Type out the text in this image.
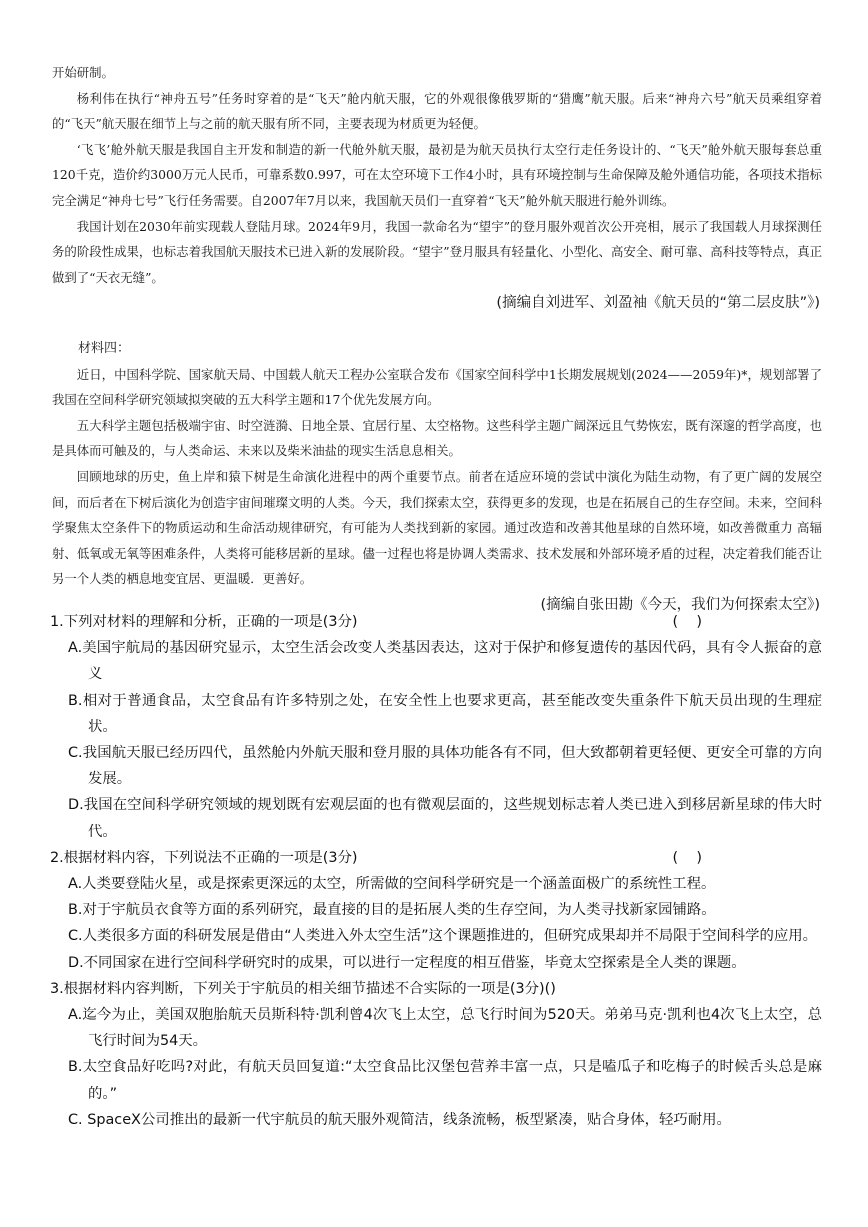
开始研制。

杨利伟在执行“神舟五号”任务时穿着的是“飞天”舱内航天服，它的外观很像俄罗斯的“猎鹰”航天服。后来“神舟六号”航天员乘组穿着的“飞天”航天服在细节上与之前的航天服有所不同，主要表现为材质更为轻便。

‘飞飞’舱外航天服是我国自主开发和制造的新一代舱外航天服，最初是为航天员执行太空行走任务设计的、“飞天”舱外航天服每套总重120千克，造价约3000万元人民币，可靠系数0.997，可在太空环境下工作4小时，具有环境控制与生命保障及舱外通信功能，各项技术指标完全满足“神舟七号”飞行任务需要。自2007年7月以来，我国航天员们一直穿着“飞天”舱外航天服进行舱外训练。

我国计划在2030年前实现载人登陆月球。2024年9月，我国一款命名为“望宇”的登月服外观首次公开亮相，展示了我国载人月球探测任务的阶段性成果，也标志着我国航天服技术已进入新的发展阶段。“望宇”登月服具有轻量化、小型化、高安全、耐可靠、高科技等特点，真正做到了“天衣无缝”。

(摘编自刘进军、刘盈袖《航天员的“第二层皮肤”》)

材料四：

近日，中国科学院、国家航天局、中国载人航天工程办公室联合发布《国家空间科学中1长期发展规划(2024——2059年)*，规划部署了我国在空间科学研究领域拟突破的五大科学主题和17个优先发展方向。

五大科学主题包括极端宇宙、时空涟漪、日地全景、宜居行星、太空格物。这些科学主题广阔深远且气势恢宏，既有深邃的哲学高度，也是具体而可触及的，与人类命运、未来以及柴米油盐的现实生活息息相关。

回顾地球的历史，鱼上岸和猿下树是生命演化进程中的两个重要节点。前者在适应环境的尝试中演化为陆生动物，有了更广阔的发展空间，而后者在下树后演化为创造宇宙间璀璨文明的人类。今天，我们探索太空，获得更多的发现，也是在拓展自己的生存空间。未来，空间科学聚焦太空条件下的物质运动和生命活动规律研究，有可能为人类找到新的家园。通过改造和改善其他星球的自然环境，如改善微重力 高辐射、低氧或无氧等困难条件，人类将可能移居新的星球。儘一过程也将是协调人类需求、技术发展和外部环境矛盾的过程，决定着我们能否让另一个人类的栖息地变宜居、更温暖．更善好。

(摘编自张田勘《今天，我们为何探索太空》)

1.下列对材料的理解和分析，正确的一项是(3分)	(    )

A.美国宇航局的基因研究显示，太空生活会改变人类基因表达，这对于保护和修复遗传的基因代码，具有令人振奋的意义

B.相对于普通食品，太空食品有许多特别之处，在安全性上也要求更高，甚至能改变失重条件下航天员出现的生理症状。

C.我国航天服已经历四代，虽然舱内外航天服和登月服的具体功能各有不同，但大致都朝着更轻便、更安全可靠的方向发展。

D.我国在空间科学研究领域的规划既有宏观层面的也有微观层面的，这些规划标志着人类已进入到移居新星球的伟大时代。

2.根据材料内容，下列说法不正确的一项是(3分)	(    )

A.人类要登陆火星，或是探索更深远的太空，所需做的空间科学研究是一个涵盖面极广的系统性工程。

B.对于宇航员衣食等方面的系列研究，最直接的目的是拓展人类的生存空间，为人类寻找新家园铺路。

C.人类很多方面的科研发展是借由“人类进入外太空生活”这个课题推进的，但研究成果却并不局限于空间科学的应用。

D.不同国家在进行空间科学研究时的成果，可以进行一定程度的相互借鉴，毕竟太空探索是全人类的课题。

3.根据材料内容判断，下列关于宇航员的相关细节描述不合实际的一项是(3分)()

A.迄今为止，美国双胞胎航天员斯科特·凯利曾4次飞上太空，总飞行时间为520天。弟弟马克·凯利也4次飞上太空，总飞行时间为54天。

B.太空食品好吃吗?对此，有航天员回复道:“太空食品比汉堡包营养丰富一点，只是嗑瓜子和吃梅子的时候舌头总是麻的。”

C. SpaceX公司推出的最新一代宇航员的航天服外观简洁，线条流畅，板型紧凑，贴合身体，轻巧耐用。
